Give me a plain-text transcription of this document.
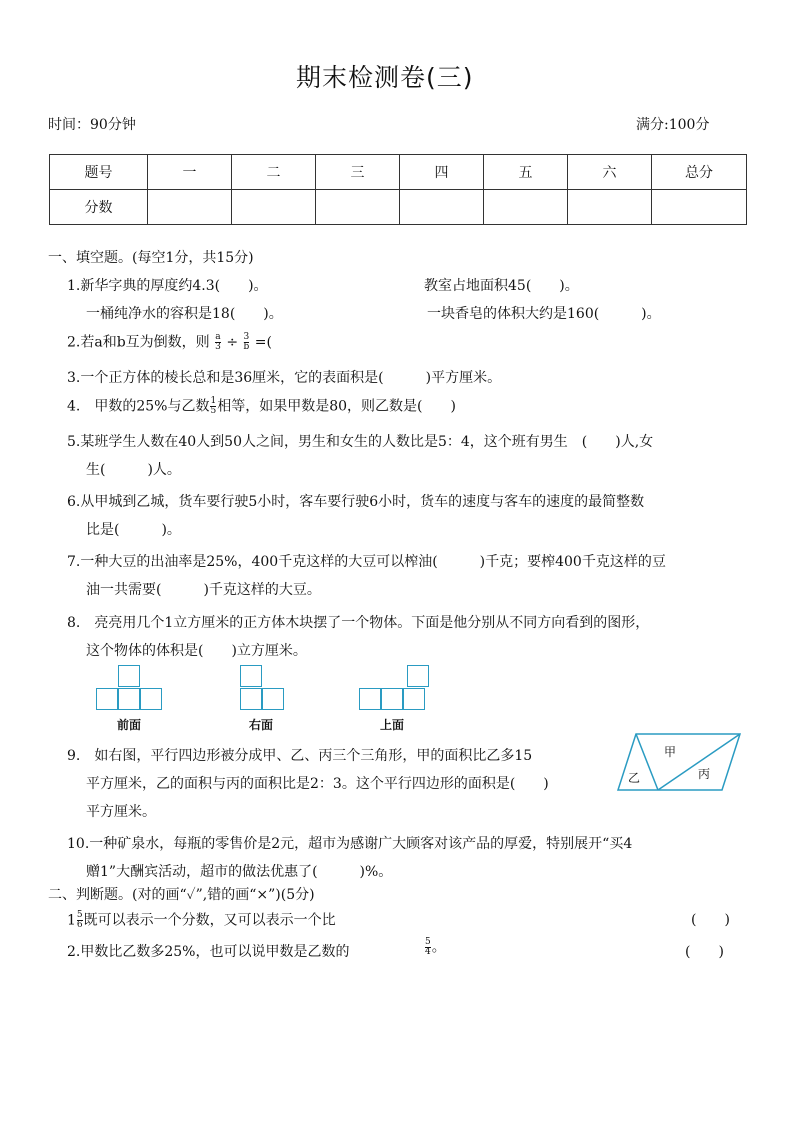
期末检测卷(三)
时间：90分钟	满分:100分
题号	一	二	三	四	五	六	总分
分数							
一、填空题。(每空1分，共15分)
1.新华字典的厚度约4.3(　　)。	教室占地面积45(　　)。
一桶纯净水的容积是18(　　)。	一块香皂的体积大约是160(　　　)。
2.若a和b互为倒数，则 $\frac{a}{3} \div \frac{3}{b}$ =(
3.一个正方体的棱长总和是36厘米，它的表面积是(　　　)平方厘米。
4.　甲数的25%与乙数 $\frac{1}{5}$ 相等，如果甲数是80，则乙数是(　　)
5.某班学生人数在40人到50人之间，男生和女生的人数比是5：4，这个班有男生　(　　)人,女
生(　　　)人。
6.从甲城到乙城，货车要行驶5小时，客车要行驶6小时，货车的速度与客车的速度的最简整数
比是(　　　)。
7.一种大豆的出油率是25%，400千克这样的大豆可以榨油(　　　)千克；要榨400千克这样的豆
油一共需要(　　　)千克这样的大豆。
8.　亮亮用几个1立方厘米的正方体木块摆了一个物体。下面是他分别从不同方向看到的图形，
这个物体的体积是(　　)立方厘米。
前面	右面	上面
9.　如右图，平行四边形被分成甲、乙、丙三个三角形，甲的面积比乙多15
平方厘米，乙的面积与丙的面积比是2：3。这个平行四边形的面积是(　　)
平方厘米。
甲
乙	丙
10.一种矿泉水，每瓶的零售价是2元，超市为感谢广大顾客对该产品的厚爱，特别展开“买4
赠1”大酬宾活动，超市的做法优惠了(　　　)%。
二、判断题。(对的画“✓”,错的画“×”)(5分)
$1 \frac{5}{6}$ 既可以表示一个分数，又可以表示一个比	(　　)
2.甲数比乙数多25%，也可以说甲数是乙数的	$\frac{5}{4}$ 。	(　　)
